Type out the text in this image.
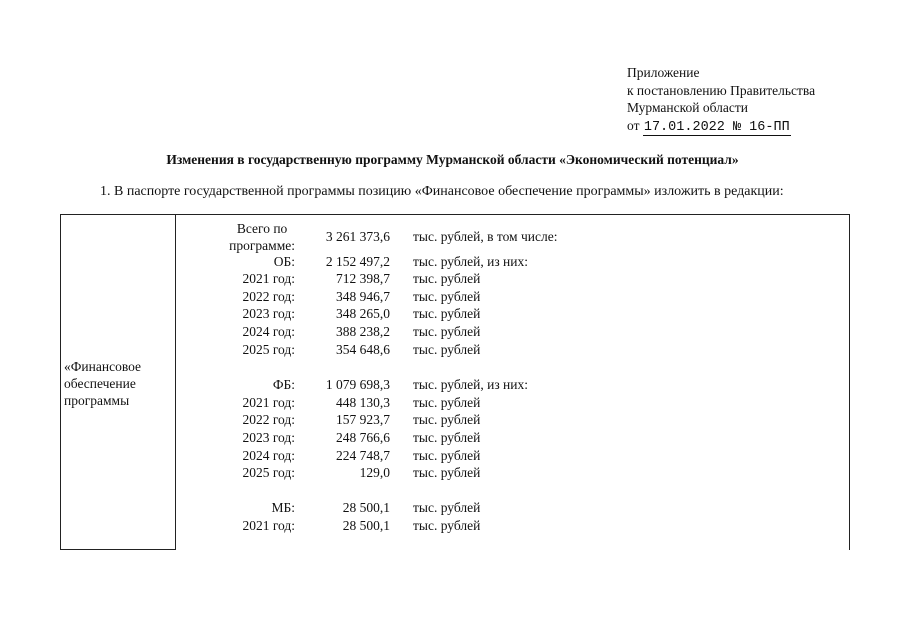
Приложение
к постановлению Правительства
Мурманской области
от 17.01.2022 № 16-ПП
Изменения в государственную программу Мурманской области «Экономический потенциал»
1. В паспорте государственной программы позицию «Финансовое обеспечение программы» изложить в редакции:
«Финансовое
обеспечение
программы
Всего по
программе:
3 261 373,6 тыс. рублей, в том числе:
ОБ: 2 152 497,2 тыс. рублей, из них:
2021 год:	712 398,7 тыс. рублей
2022 год:	348 946,7 тыс. рублей
2023 год:	348 265,0 тыс. рублей
2024 год:	388 238,2 тыс. рублей
2025 год:	354 648,6 тыс. рублей
ФБ: 1 079 698,3 тыс. рублей, из них:
2021 год:	448 130,3 тыс. рублей
2022 год:	157 923,7 тыс. рублей
2023 год:	248 766,6 тыс. рублей
2024 год:	224 748,7 тыс. рублей
2025 год:	129,0 тыс. рублей
МБ:	28 500,1 тыс. рублей
2021 год:	28 500,1 тыс. рублей
